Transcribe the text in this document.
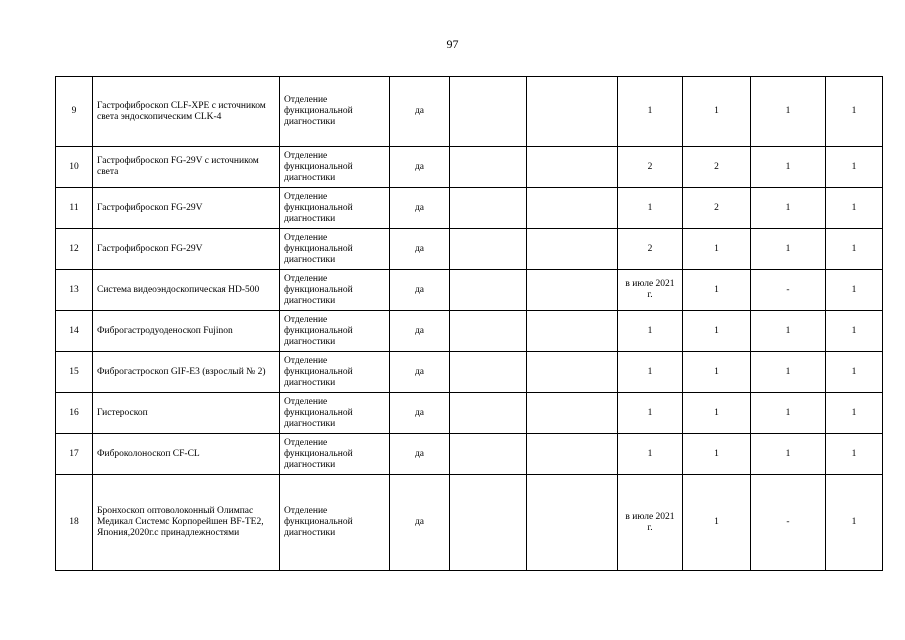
97
9	Гастрофиброскоп CLF-XPE с источником света эндоскопическим CLK-4	Отделение функциональной диагностики	да			1	1	1	1
10	Гастрофиброскоп FG-29V с источником света	Отделение функциональной диагностики	да			2	2	1	1
11	Гастрофиброскоп FG-29V	Отделение функциональной диагностики	да			1	2	1	1
12	Гастрофиброскоп FG-29V	Отделение функциональной диагностики	да			2	1	1	1
13	Система видеоэндоскопическая HD-500	Отделение функциональной диагностики	да			в июле 2021 г.	1	-	1
14	Фиброгастродуоденоскоп Fujinon	Отделение функциональной диагностики	да			1	1	1	1
15	Фиброгастроскоп GIF-E3 (взрослый № 2)	Отделение функциональной диагностики	да			1	1	1	1
16	Гистероскоп	Отделение функциональной диагностики	да			1	1	1	1
17	Фиброколоноскоп CF-CL	Отделение функциональной диагностики	да			1	1	1	1
18	Бронхоскоп оптоволоконный Олимпас Медикал Системс Корпорейшен BF-TE2, Япония,2020г.с принадлежностями	Отделение функциональной диагностики	да			в июле 2021 г.	1	-	1
